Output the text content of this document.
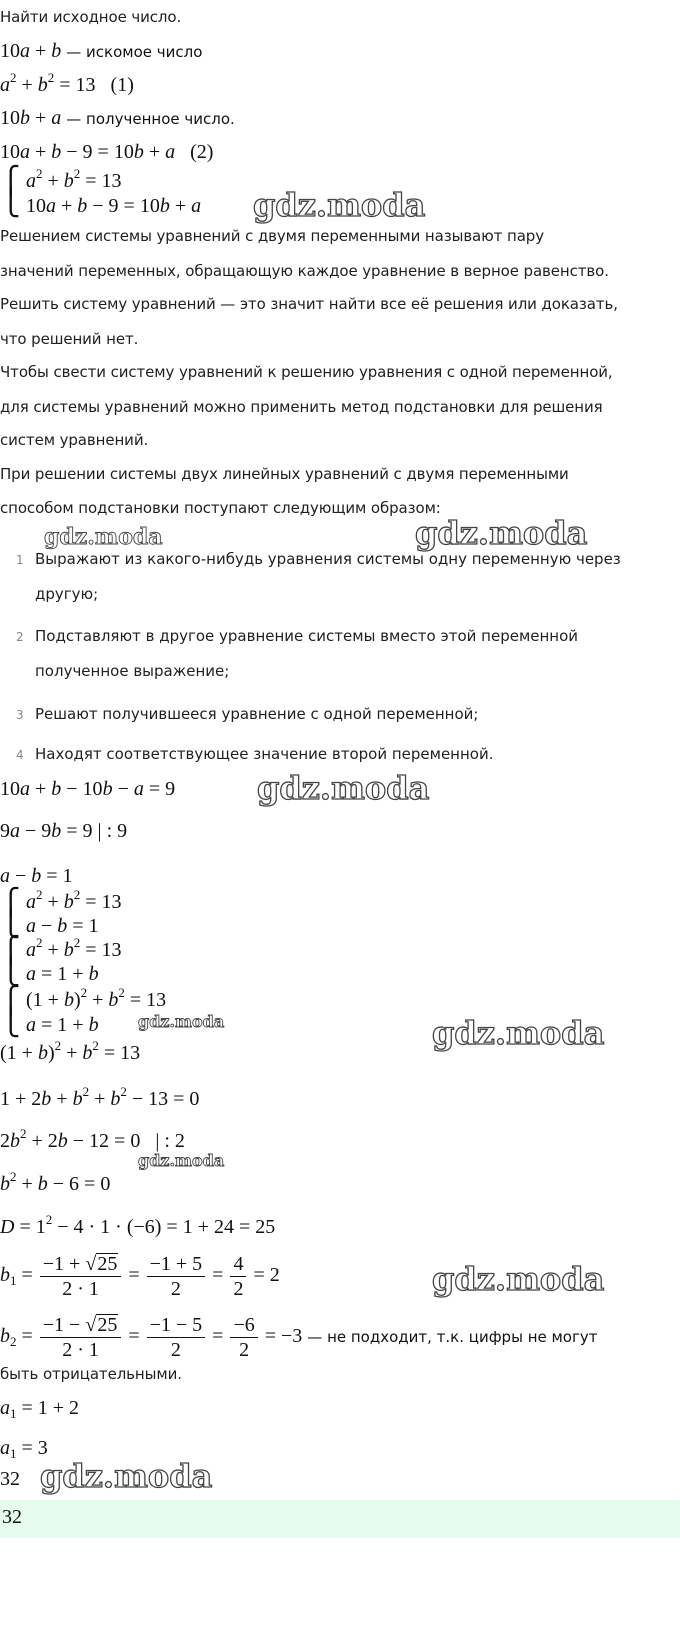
Найти исходное число.
10a + b — искомое число
$a^2 + b^2 = 13$   (1)
10b + a — полученное число.
10a + b − 9 = 10b + a   (2)
⎧
⎩
$a^2 + b^2 = 13$
10a + b − 9 = 10b + a gdz.moda
Решением системы уравнений с двумя переменными называют пару
значений переменных, обращающую каждое уравнение в верное равенство.
Решить систему уравнений — это значит найти все её решения или доказать,
что решений нет.
Чтобы свести систему уравнений к решению уравнения с одной переменной,
для системы уравнений можно применить метод подстановки для решения
систем уравнений.
При решении системы двух линейных уравнений с двумя переменными
способом подстановки поступают следующим образом:
gdz.moda	gdz.moda
1 Выражают из какого-нибудь уравнения системы одну переменную через
другую;
2 Подставляют в другое уравнение системы вместо этой переменной
полученное выражение;
3 Решают получившееся уравнение с одной переменной;
4 Находят соответствующее значение второй переменной.
10a + b − 10b − a = 9	gdz.moda
9a − 9b = 9 | : 9
a − b = 1
⎧
⎩
$a^2 + b^2 = 13$
a − b = 1
⎧
⎩
$a^2 + b^2 = 13$
a = 1 + b
⎧
⎩
$(1 + b)^2 + b^2 = 13$
a = 1 + b gdz.moda	gdz.moda
$(1 + b)^2 + b^2 = 13$
$1 + 2b + b^2 + b^2 - 13 = 0$
$2b^2 + 2b - 12 = 0$   | : 2
gdz.moda
$b^2 + b - 6 = 0$
$D = 1^2 - 4 \cdot 1 \cdot (-6) = 1 + 24 = 25$
$b_1 = \frac{-1 + √25}{2 \cdot 1} = \frac{-1 + 5}{2} = \frac{4}{2} = 2$	gdz.moda
$b_2 = \frac{-1 - √25}{2 \cdot 1} = \frac{-1 - 5}{2} = \frac{-6}{2} = -3$ — не подходит, т.к. цифры не могут
быть отрицательными.
$a_1 = 1 + 2$
$a_1 = 3$
32 gdz.moda
32
